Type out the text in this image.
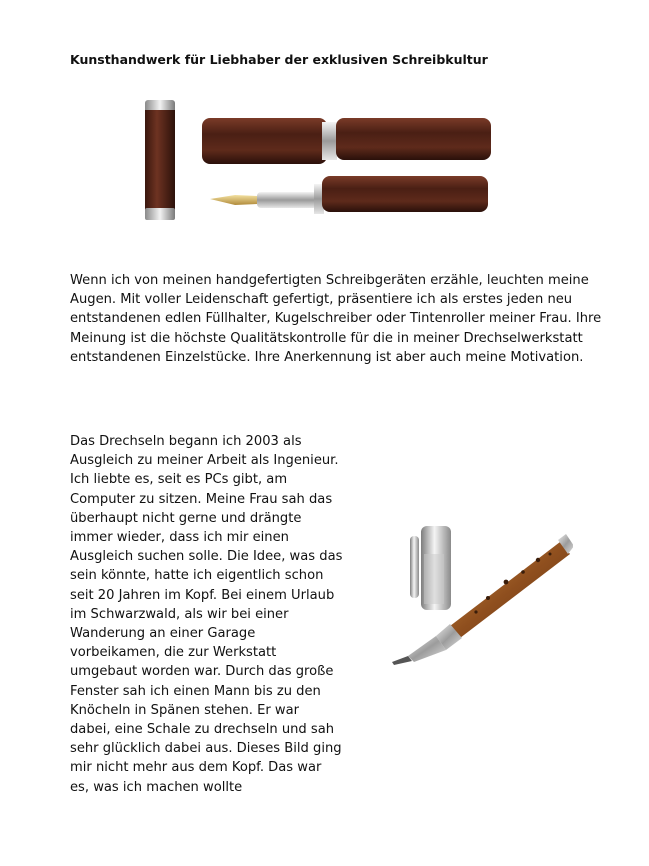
Kunsthandwerk für Liebhaber der exklusiven Schreibkultur

Wenn ich von meinen handgefertigten Schreibgeräten erzähle, leuchten meine
Augen. Mit voller Leidenschaft gefertigt, präsentiere ich als erstes jeden neu
entstandenen edlen Füllhalter, Kugelschreiber oder Tintenroller meiner Frau. Ihre
Meinung ist die höchste Qualitätskontrolle für die in meiner Drechselwerkstatt
entstandenen Einzelstücke. Ihre Anerkennung ist aber auch meine Motivation.

Das Drechseln begann ich 2003 als
Ausgleich zu meiner Arbeit als Ingenieur.
Ich liebte es, seit es PCs gibt, am
Computer zu sitzen. Meine Frau sah das
überhaupt nicht gerne und drängte
immer wieder, dass ich mir einen
Ausgleich suchen solle. Die Idee, was das
sein könnte, hatte ich eigentlich schon
seit 20 Jahren im Kopf. Bei einem Urlaub
im Schwarzwald, als wir bei einer
Wanderung an einer Garage
vorbeikamen, die zur Werkstatt
umgebaut worden war. Durch das große
Fenster sah ich einen Mann bis zu den
Knöcheln in Spänen stehen. Er war
dabei, eine Schale zu drechseln und sah
sehr glücklich dabei aus. Dieses Bild ging
mir nicht mehr aus dem Kopf. Das war
es, was ich machen wollte
